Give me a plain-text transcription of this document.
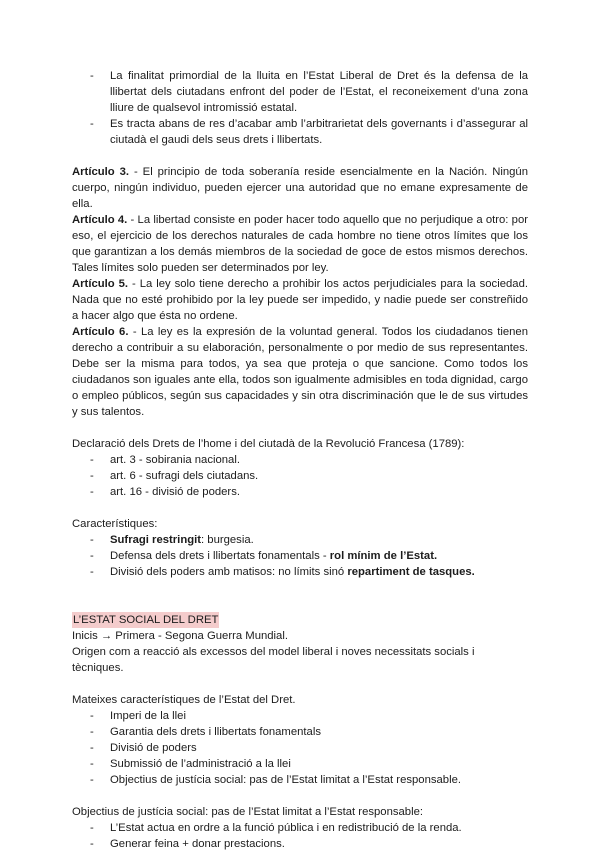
- La finalitat primordial de la lluita en l’Estat Liberal de Dret és la defensa de la llibertat dels ciutadans enfront del poder de l’Estat, el reconeixement d’una zona lliure de qualsevol intromissió estatal.
- Es tracta abans de res d’acabar amb l’arbitrarietat dels governants i d’assegurar al ciutadà el gaudi dels seus drets i llibertats.

Artículo 3. - El principio de toda soberanía reside esencialmente en la Nación. Ningún cuerpo, ningún individuo, pueden ejercer una autoridad que no emane expresamente de ella.

Artículo 4. - La libertad consiste en poder hacer todo aquello que no perjudique a otro: por eso, el ejercicio de los derechos naturales de cada hombre no tiene otros límites que los que garantizan a los demás miembros de la sociedad de goce de estos mismos derechos. Tales límites solo pueden ser determinados por ley.

Artículo 5. - La ley solo tiene derecho a prohibir los actos perjudiciales para la sociedad. Nada que no esté prohibido por la ley puede ser impedido, y nadie puede ser constreñido a hacer algo que ésta no ordene.

Artículo 6. - La ley es la expresión de la voluntad general. Todos los ciudadanos tienen derecho a contribuir a su elaboración, personalmente o por medio de sus representantes. Debe ser la misma para todos, ya sea que proteja o que sancione. Como todos los ciudadanos son iguales ante ella, todos son igualmente admisibles en toda dignidad, cargo o empleo públicos, según sus capacidades y sin otra discriminación que le de sus virtudes y sus talentos.

Declaració dels Drets de l’home i del ciutadà de la Revolució Francesa (1789):
- art. 3 - sobirania nacional.
- art. 6 - sufragi dels ciutadans.
- art. 16 - divisió de poders.
Característiques:
- Sufragi restringit: burgesia.
- Defensa dels drets i llibertats fonamentals - rol mínim de l’Estat.
- Divisió dels poders amb matisos: no límits sinó repartiment de tasques.
L’ESTAT SOCIAL DEL DRET
Inicis → Primera - Segona Guerra Mundial.
Origen com a reacció als excessos del model liberal i noves necessitats socials i tècniques.
Mateixes característiques de l’Estat del Dret.
- Imperi de la llei
- Garantia dels drets i llibertats fonamentals
- Divisió de poders
- Submissió de l’administració a la llei
- Objectius de justícia social: pas de l’Estat limitat a l’Estat responsable.
Objectius de justícia social: pas de l’Estat limitat a l’Estat responsable:
- L’Estat actua en ordre a la funció pública i en redistribució de la renda.
- Generar feina + donar prestacions.
